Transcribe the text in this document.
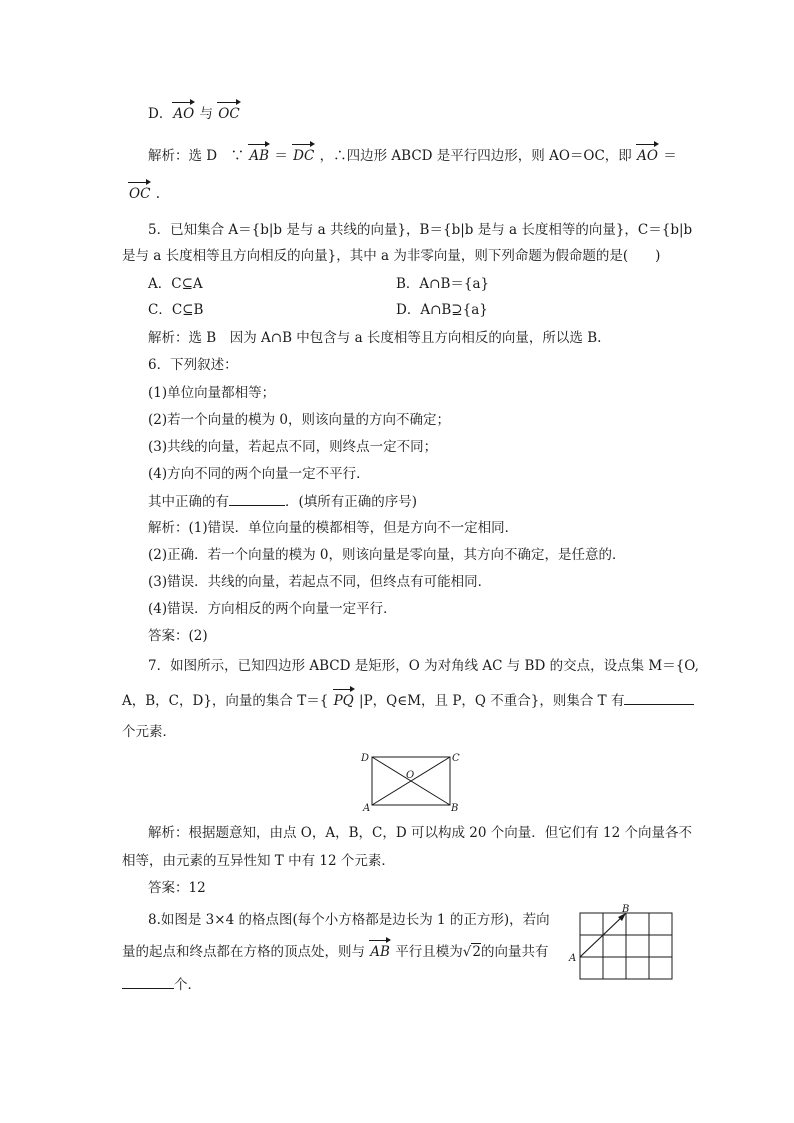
D．AO 与 OC
解析：选 D　∵ AB ＝ DC ，∴四边形 ABCD 是平行四边形，则 AO＝OC，即 AO ＝
OC .
5．已知集合 A＝{b|b 是与 a 共线的向量}，B＝{b|b 是与 a 长度相等的向量}，C＝{b|b
是与 a 长度相等且方向相反的向量}，其中 a 为非零向量，则下列命题为假命题的是(　　)
A．C⊆A	B．A∩B＝{a}
C．C⊆B	D．A∩B⊇{a}
解析：选 B　因为 A∩B 中包含与 a 长度相等且方向相反的向量，所以选 B.
6．下列叙述：
(1)单位向量都相等；
(2)若一个向量的模为 0，则该向量的方向不确定；
(3)共线的向量，若起点不同，则终点一定不同；
(4)方向不同的两个向量一定不平行．
其中正确的有	．(填所有正确的序号)
解析：(1)错误．单位向量的模都相等，但是方向不一定相同．
(2)正确．若一个向量的模为 0，则该向量是零向量，其方向不确定，是任意的．
(3)错误．共线的向量，若起点不同，但终点有可能相同．
(4)错误．方向相反的两个向量一定平行．
答案：(2)
7．如图所示，已知四边形 ABCD 是矩形，O 为对角线 AC 与 BD 的交点，设点集 M＝{O,
A，B，C，D}，向量的集合 T＝{ PQ |P，Q∈M，且 P，Q 不重合}，则集合 T 有
个元素．
D	C
O
A	B
解析：根据题意知，由点 O，A，B，C，D 可以构成 20 个向量．但它们有 12 个向量各不
相等，由元素的互异性知 T 中有 12 个元素．
答案：12
8.如图是 3×4 的格点图(每个小方格都是边长为 1 的正方形)，若向
量的起点和终点都在方格的顶点处，则与 AB 平行且模为√2的向量共有
个．
A
B
